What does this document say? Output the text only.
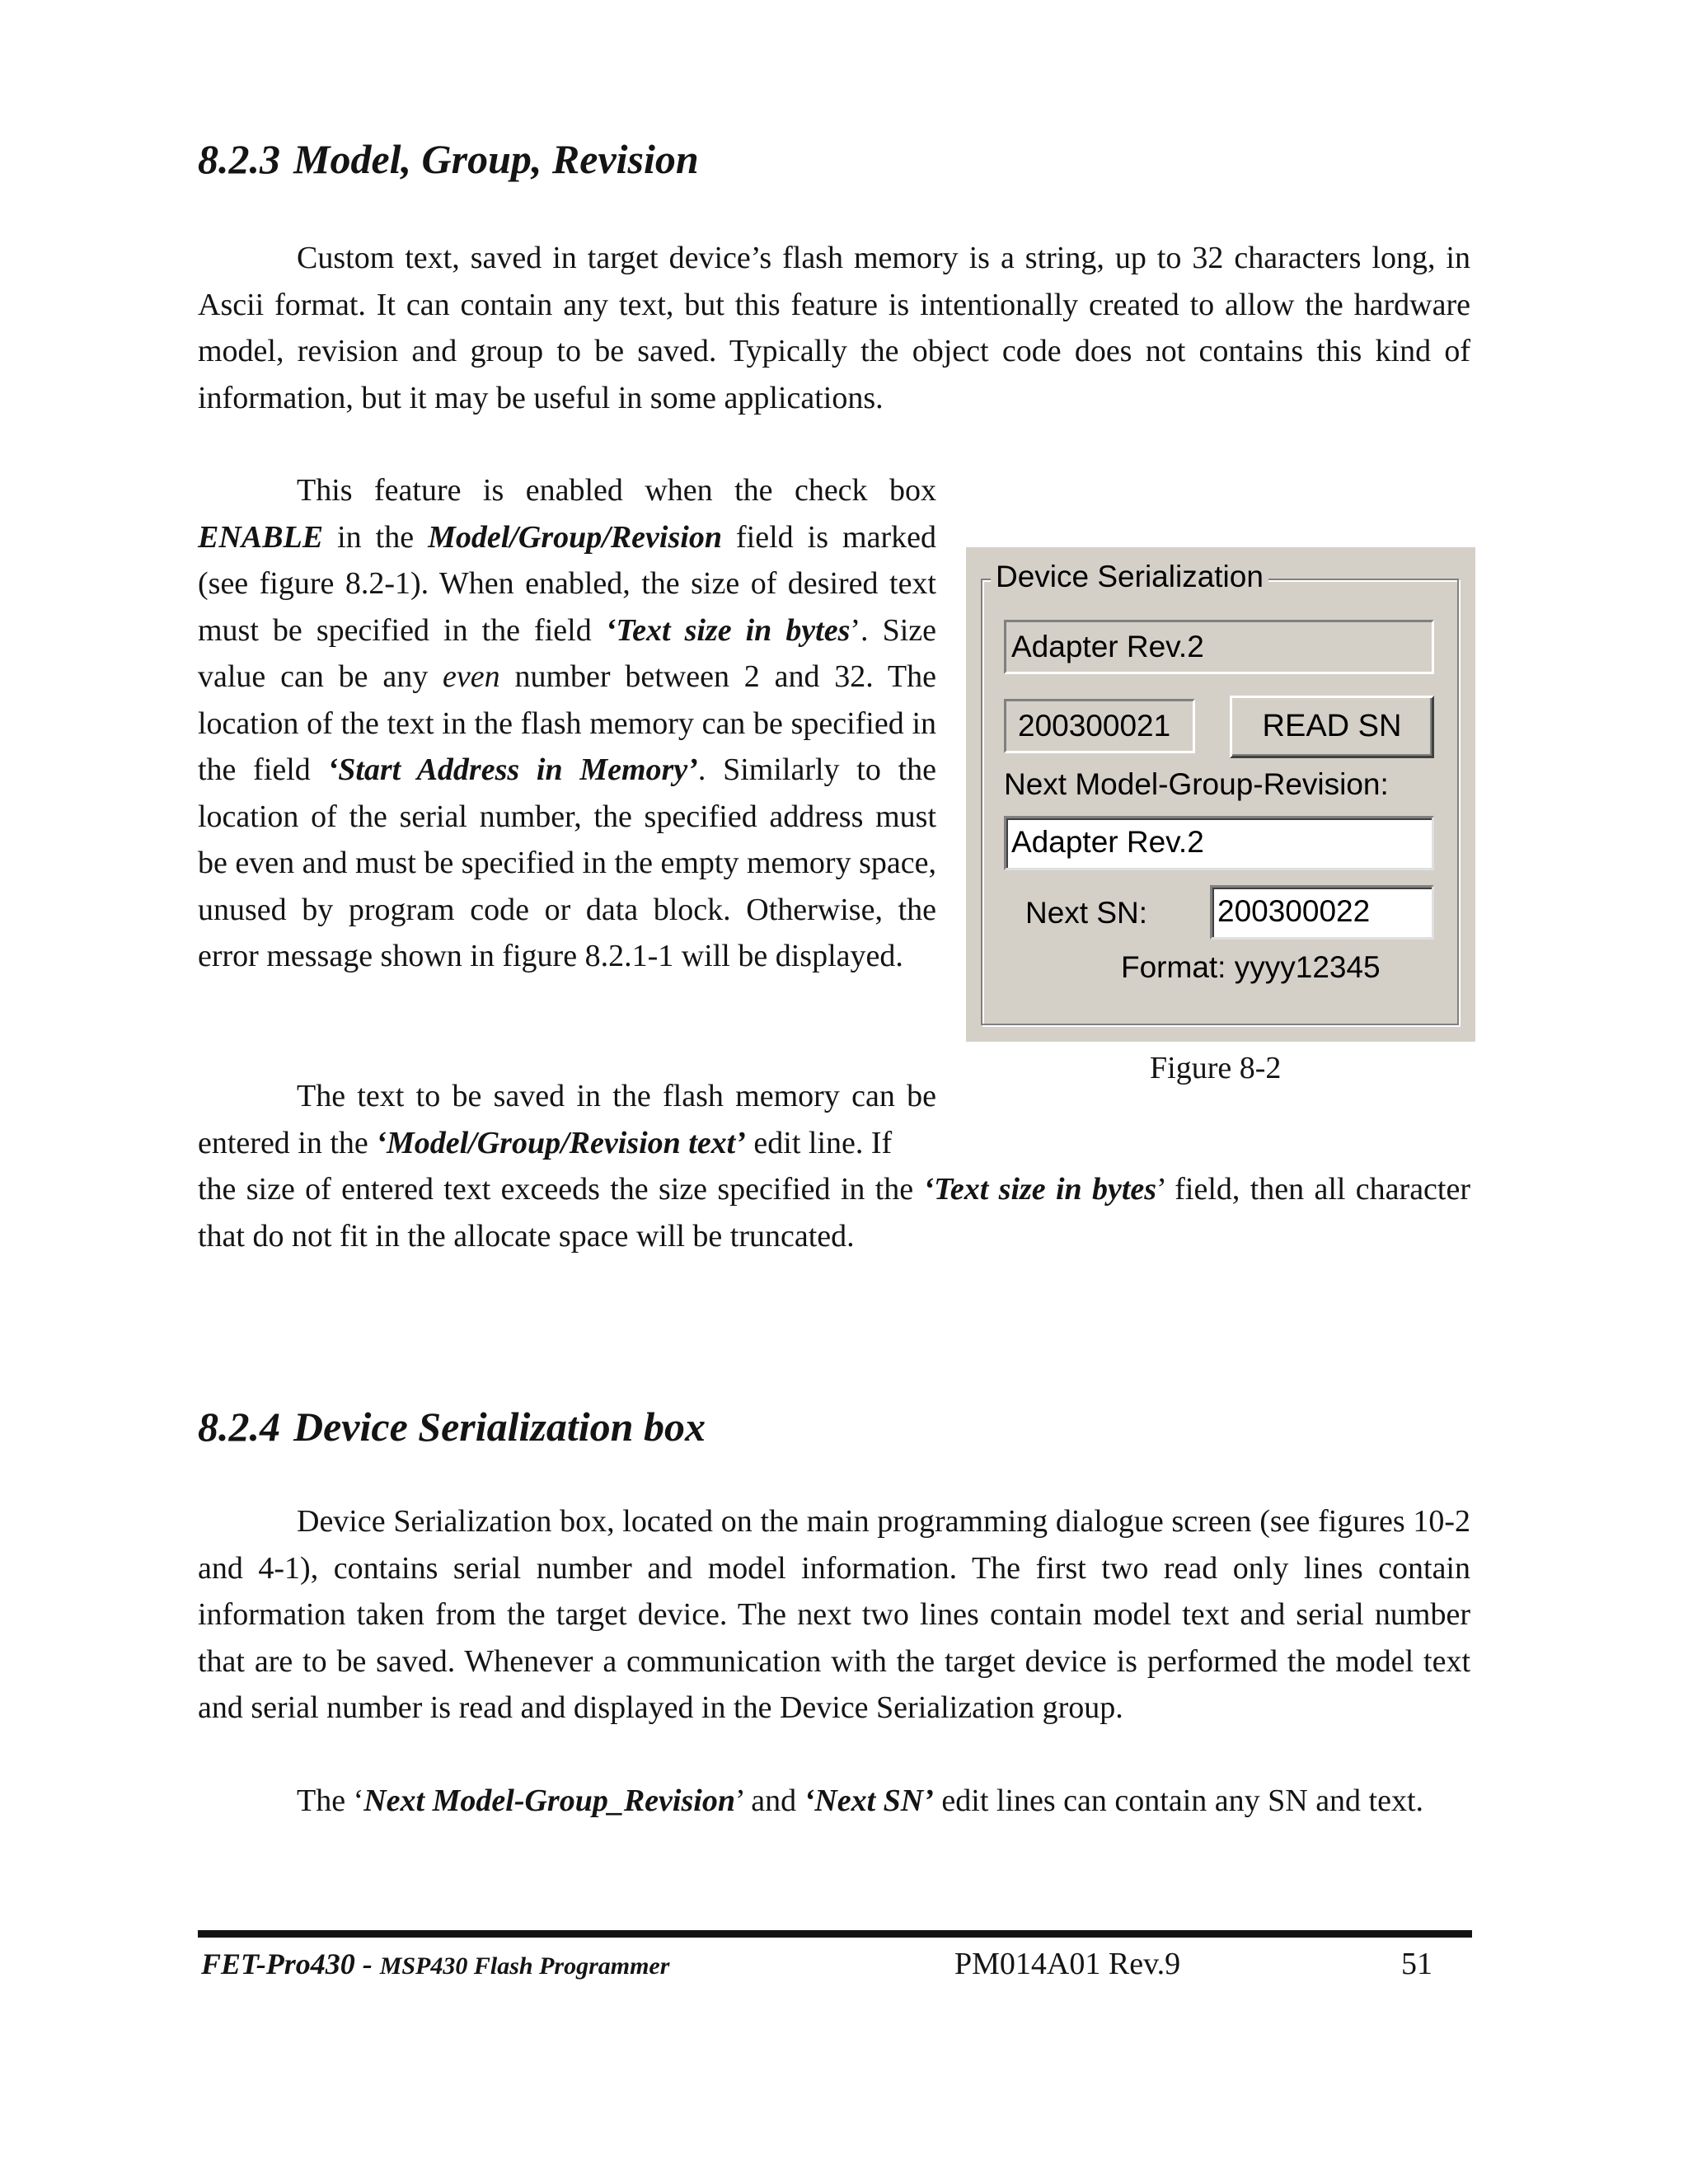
8.2.3 Model, Group, Revision

Custom text, saved in target device’s flash memory is a string, up to 32 characters long, in Ascii format. It can contain any text, but this feature is intentionally created to allow the hardware model, revision and group to be saved. Typically the object code does not contains this kind of information, but it may be useful in some applications.

This feature is enabled when the check box ENABLE in the Model/Group/Revision field is marked (see figure 8.2-1). When enabled, the size of desired text must be specified in the field ‘Text size in bytes’. Size value can be any even number between 2 and 32. The location of the text in the flash memory can be specified in the field ‘Start Address in Memory’. Similarly to the location of the serial number, the specified address must be even and must be specified in the empty memory space, unused by program code or data block. Otherwise, the error message shown in figure 8.2.1-1 will be displayed.

The text to be saved in the flash memory can be entered in the ‘Model/Group/Revision text’ edit line. If

the size of entered text exceeds the size specified in the ‘Text size in bytes’ field, then all character that do not fit in the allocate space will be truncated.

Device Serialization
Adapter Rev.2
200300021	READ SN
Next Model-Group-Revision:
Adapter Rev.2
Next SN: 200300022
Format: yyyy12345

Figure 8-2

8.2.4 Device Serialization box

Device Serialization box, located on the main programming dialogue screen (see figures 10-2 and 4-1), contains serial number and model information. The first two read only lines contain information taken from the target device. The next two lines contain model text and serial number that are to be saved. Whenever a communication with the target device is performed the model text and serial number is read and displayed in the Device Serialization group.

The ‘Next Model-Group_Revision’ and ‘Next SN’ edit lines can contain any SN and text.

FET-Pro430 - MSP430 Flash Programmer	PM014A01 Rev.9	51
